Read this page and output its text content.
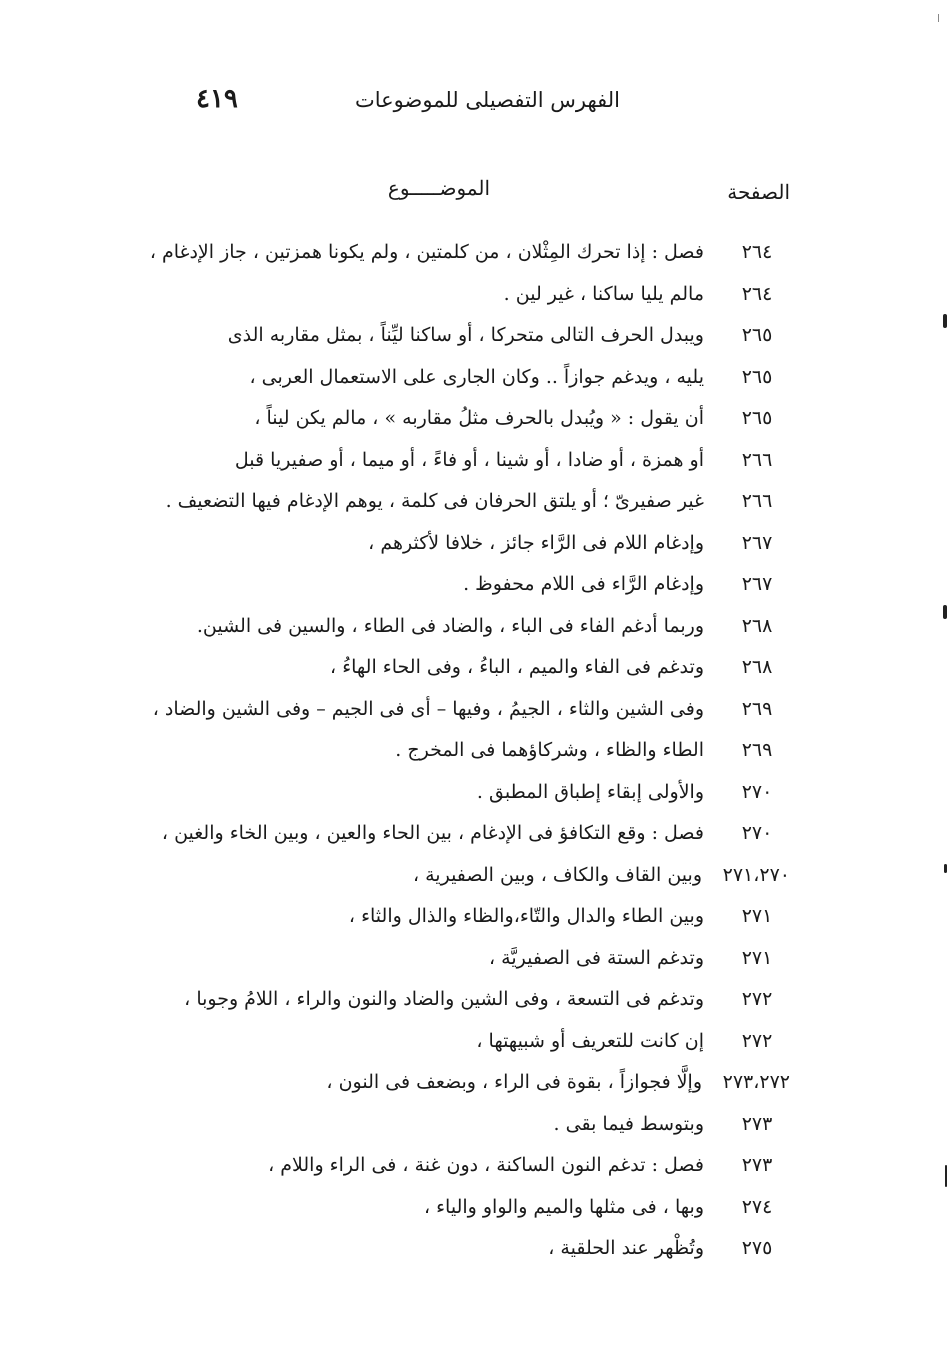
الفهرس التفصيلى للموضوعات
٤١٩
الصفحة
الموضـــــوع
٢٦٤
فصل : إذا تحرك المِثْلان ، من كلمتين ، ولم يكونا همزتين ، جاز الإدغام ،
٢٦٤
مالم يليا ساكنا ، غير لين .
٢٦٥
ويبدل الحرف التالى متحركا ، أو ساكنا ليِّناً ، بمثل مقاربه الذى
٢٦٥
يليه ، ويدغم جوازاً .. وكان الجارى على الاستعمال العربى ،
٢٦٥
أن يقول : « ويُبدل بالحرف مثلُ مقاربه » ، مالم يكن ليناً ،
٢٦٦
أو همزة ، أو ضادا ، أو شينا ، أو فاءً ، أو ميما ، أو صفيريا قبل
٢٦٦
غير صفيرىّ ؛ أو يلتق الحرفان فى كلمة ، يوهم الإدغام فيها التضعيف .
٢٦٧
وإدغام اللام فى الرَّاء جائز ، خلافا لأكثرهم ،
٢٦٧
وإدغام الرَّاء فى اللام محفوظ .
٢٦٨
وربما أدغم الفاء فى الباء ، والضاد فى الطاء ، والسين فى الشين.
٢٦٨
وتدغم فى الفاء والميم ، الباءُ ، وفى الحاء الهاءُ ،
٢٦٩
وفى الشين والثاء ، الجيمُ ، وفيها – أى فى الجيم – وفى الشين والضاد ،
٢٦٩
الطاء والظاء ، وشركاؤهما فى المخرج .
٢٧٠
والأولى إبقاء إطباق المطبق .
٢٧٠
فصل : وقع التكافؤ فى الإدغام ، بين الحاء والعين ، وبين الخاء والغين ،
٢٧١،٢٧٠
وبين القاف والكاف ، وبين الصفيرية ،
٢٧١
وبين الطاء والدال والتّاء،والظاء والذال والثاء ،
٢٧١
وتدغم الستة فى الصفيريَّة ،
٢٧٢
وتدغم فى التسعة ، وفى الشين والضاد والنون والراء ، اللامُ وجوبا ،
٢٧٢
إن كانت للتعريف أو شبيهتها ،
٢٧٣،٢٧٢
وإلَّا فجوازاً ، بقوة فى الراء ، وبضعف فى النون ،
٢٧٣
وبتوسط فيما بقى .
٢٧٣
فصل : تدغم النون الساكنة ، دون غنة ، فى الراء واللام ،
٢٧٤
وبها ، فى مثلها والميم والواو والياء ،
٢٧٥
وتُظْهر عند الحلقية ،
